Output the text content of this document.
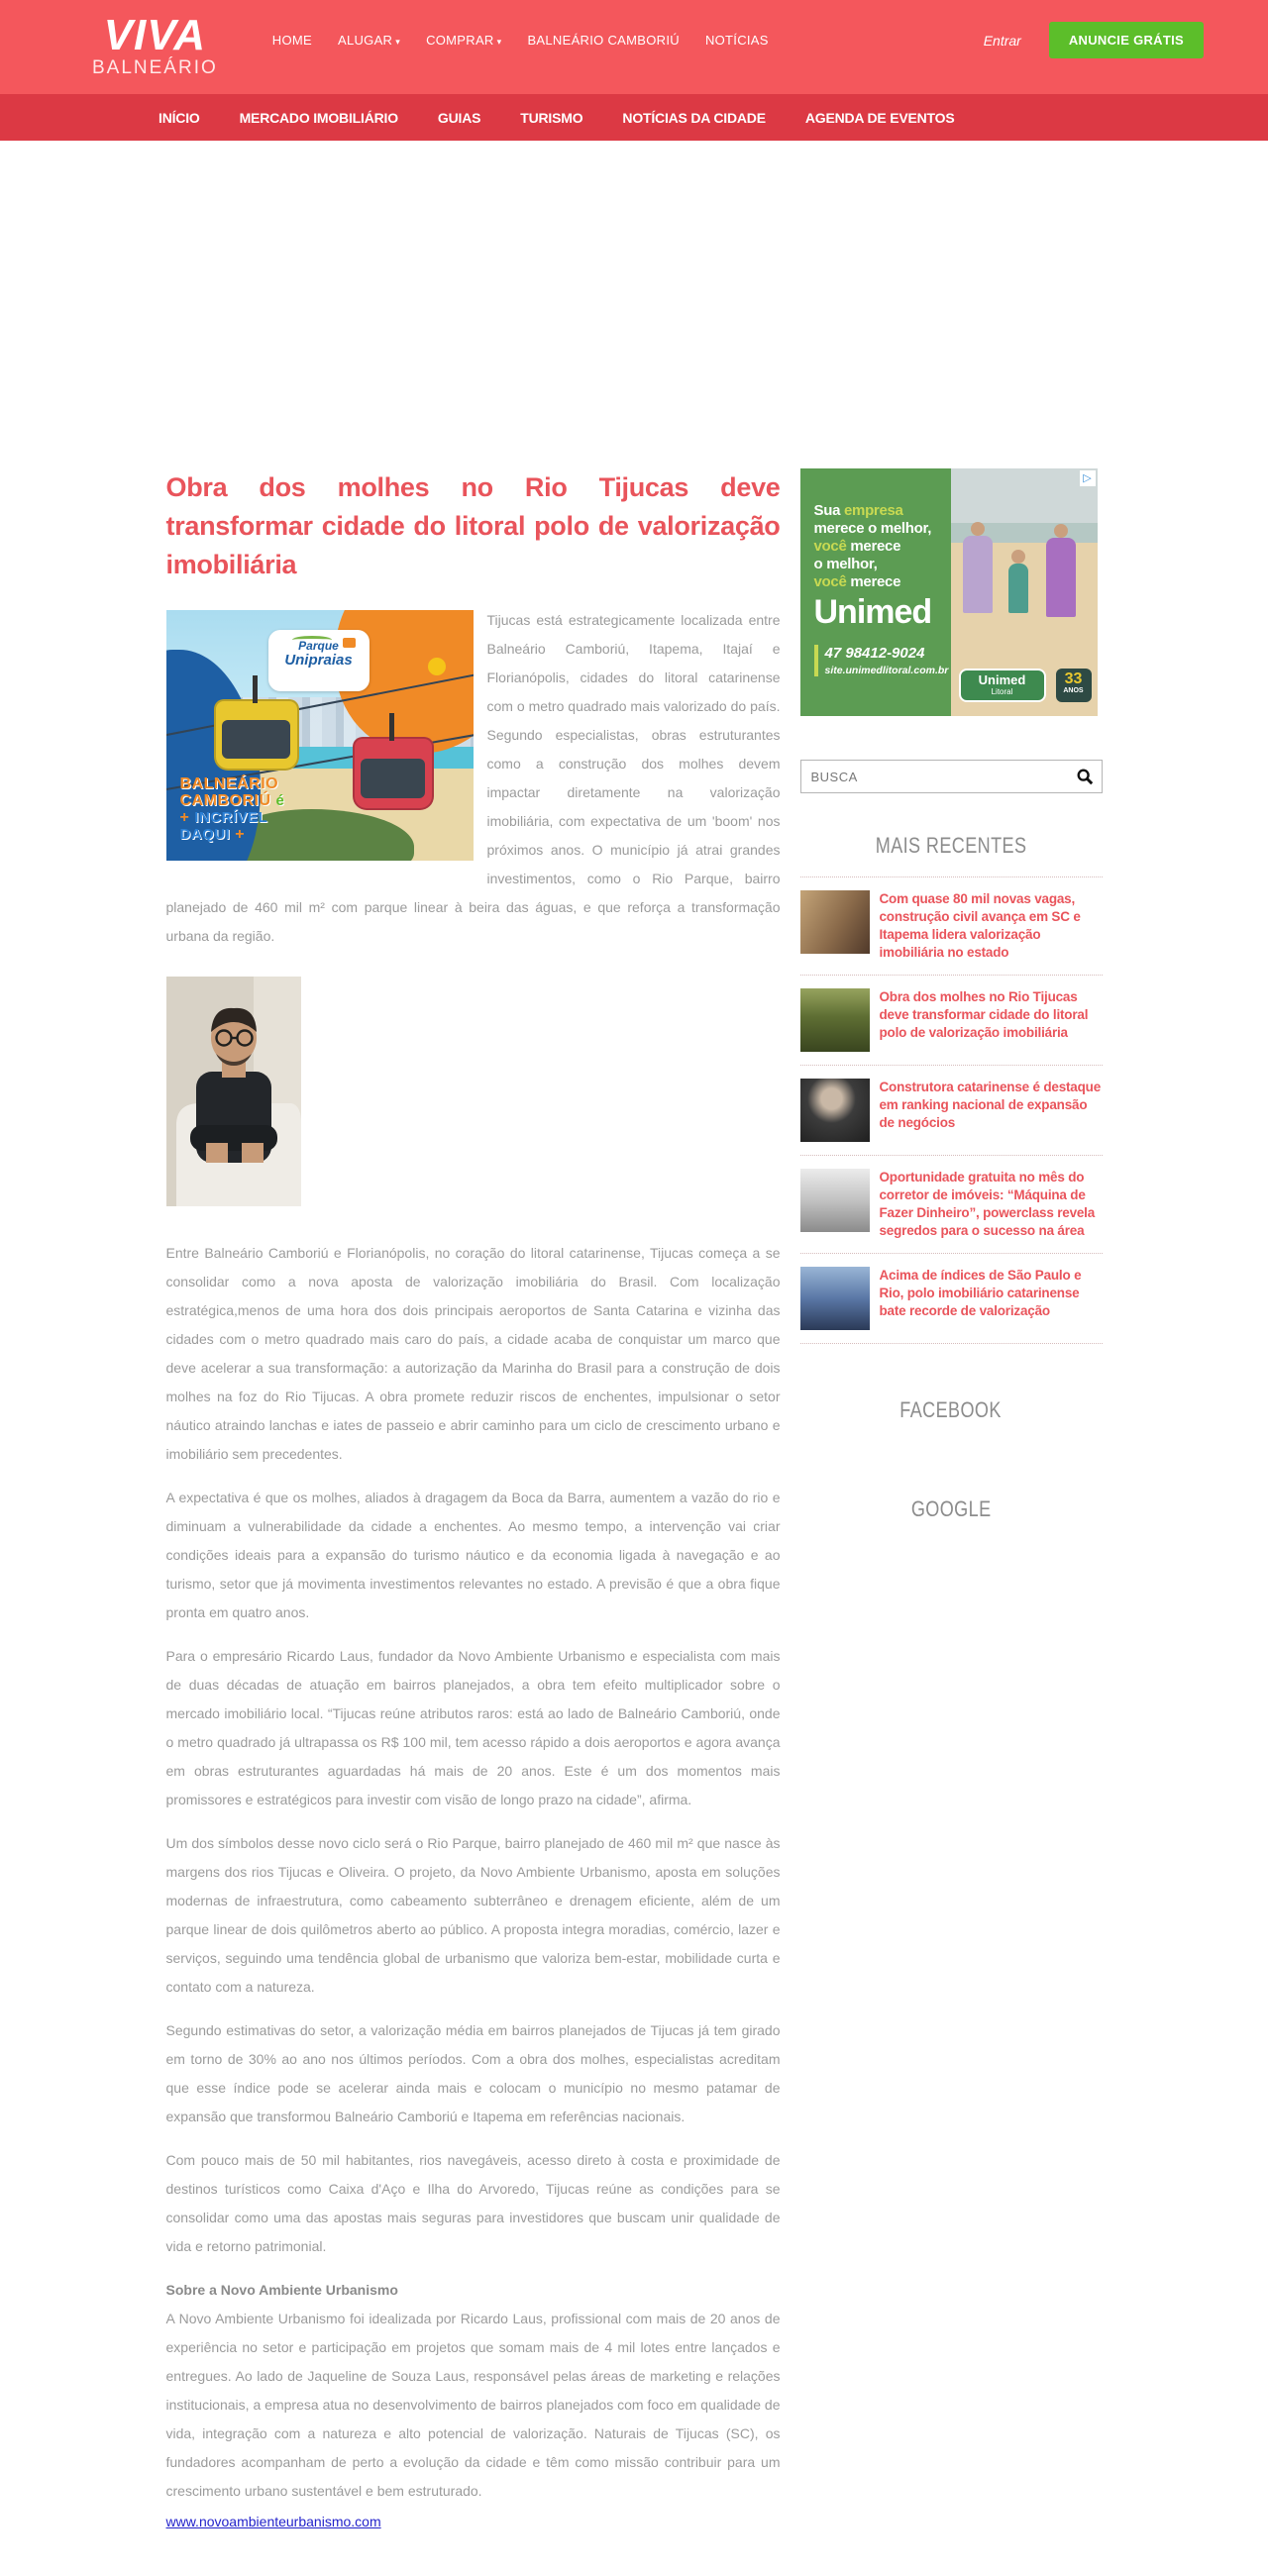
VIVA
BALNEÁRIO
HOME ALUGAR ▾ COMPRAR ▾ BALNEÁRIO CAMBORIÚ NOTÍCIAS	Entrar	ANUNCIE GRÁTIS
INÍCIO	MERCADO IMOBILIÁRIO	GUIAS	TURISMO	NOTÍCIAS DA CIDADE	AGENDA DE EVENTOS
Obra dos molhes no Rio Tijucas deve transformar cidade do litoral polo de valorização imobiliária
Parque
Unipraias
BALNEÁRIO
CAMBORIÚ é
+ INCRÍVEL
DAQUI +

Tijucas está estrategicamente localizada entre Balneário Camboriú, Itapema, Itajaí e Florianópolis, cidades do litoral catarinense com o metro quadrado mais valorizado do país. Segundo especialistas, obras estruturantes como a construção dos molhes devem impactar diretamente na valorização imobiliária, com expectativa de um 'boom' nos próximos anos. O município já atrai grandes investimentos, como o Rio Parque, bairro planejado de 460 mil m² com parque linear à beira das águas, e que reforça a transformação urbana da região.

Entre Balneário Camboriú e Florianópolis, no coração do litoral catarinense, Tijucas começa a se consolidar como a nova aposta de valorização imobiliária do Brasil. Com localização estratégica,menos de uma hora dos dois principais aeroportos de Santa Catarina e vizinha das cidades com o metro quadrado mais caro do país, a cidade acaba de conquistar um marco que deve acelerar a sua transformação: a autorização da Marinha do Brasil para a construção de dois molhes na foz do Rio Tijucas. A obra promete reduzir riscos de enchentes, impulsionar o setor náutico atraindo lanchas e iates de passeio e abrir caminho para um ciclo de crescimento urbano e imobiliário sem precedentes.

A expectativa é que os molhes, aliados à dragagem da Boca da Barra, aumentem a vazão do rio e diminuam a vulnerabilidade da cidade a enchentes. Ao mesmo tempo, a intervenção vai criar condições ideais para a expansão do turismo náutico e da economia ligada à navegação e ao turismo, setor que já movimenta investimentos relevantes no estado. A previsão é que a obra fique pronta em quatro anos.

Para o empresário Ricardo Laus, fundador da Novo Ambiente Urbanismo e especialista com mais de duas décadas de atuação em bairros planejados, a obra tem efeito multiplicador sobre o mercado imobiliário local. “Tijucas reúne atributos raros: está ao lado de Balneário Camboriú, onde o metro quadrado já ultrapassa os R$ 100 mil, tem acesso rápido a dois aeroportos e agora avança em obras estruturantes aguardadas há mais de 20 anos. Este é um dos momentos mais promissores e estratégicos para investir com visão de longo prazo na cidade”, afirma.

Um dos símbolos desse novo ciclo será o Rio Parque, bairro planejado de 460 mil m² que nasce às margens dos rios Tijucas e Oliveira. O projeto, da Novo Ambiente Urbanismo, aposta em soluções modernas de infraestrutura, como cabeamento subterrâneo e drenagem eficiente, além de um parque linear de dois quilômetros aberto ao público. A proposta integra moradias, comércio, lazer e serviços, seguindo uma tendência global de urbanismo que valoriza bem-estar, mobilidade curta e contato com a natureza.

Segundo estimativas do setor, a valorização média em bairros planejados de Tijucas já tem girado em torno de 30% ao ano nos últimos períodos. Com a obra dos molhes, especialistas acreditam que esse índice pode se acelerar ainda mais e colocam o município no mesmo patamar de expansão que transformou Balneário Camboriú e Itapema em referências nacionais.

Com pouco mais de 50 mil habitantes, rios navegáveis, acesso direto à costa e proximidade de destinos turísticos como Caixa d'Aço e Ilha do Arvoredo, Tijucas reúne as condições para se consolidar como uma das apostas mais seguras para investidores que buscam unir qualidade de vida e retorno patrimonial.

Sobre a Novo Ambiente Urbanismo

A Novo Ambiente Urbanismo foi idealizada por Ricardo Laus, profissional com mais de 20 anos de experiência no setor e participação em projetos que somam mais de 4 mil lotes entre lançados e entregues. Ao lado de Jaqueline de Souza Laus, responsável pelas áreas de marketing e relações institucionais, a empresa atua no desenvolvimento de bairros planejados com foco em qualidade de vida, integração com a natureza e alto potencial de valorização. Naturais de Tijucas (SC), os fundadores acompanham de perto a evolução da cidade e têm como missão contribuir para um crescimento urbano sustentável e bem estruturado.

www.novoambienteurbanismo.com
Sua empresa
merece o melhor,
você merece
o melhor,
você merece
Unimed
47 98412-9024
site.unimedlitoral.com.br
Unimed
Litoral
33
ANOS
▷
BUSCA
MAIS RECENTES
Com quase 80 mil novas vagas, construção civil avança em SC e Itapema lidera valorização imobiliária no estado
Obra dos molhes no Rio Tijucas deve transformar cidade do litoral polo de valorização imobiliária
Construtora catarinense é destaque em ranking nacional de expansão de negócios
Oportunidade gratuita no mês do corretor de imóveis: “Máquina de Fazer Dinheiro”, powerclass revela segredos para o sucesso na área
Acima de índices de São Paulo e Rio, polo imobiliário catarinense bate recorde de valorização
FACEBOOK
GOOGLE
